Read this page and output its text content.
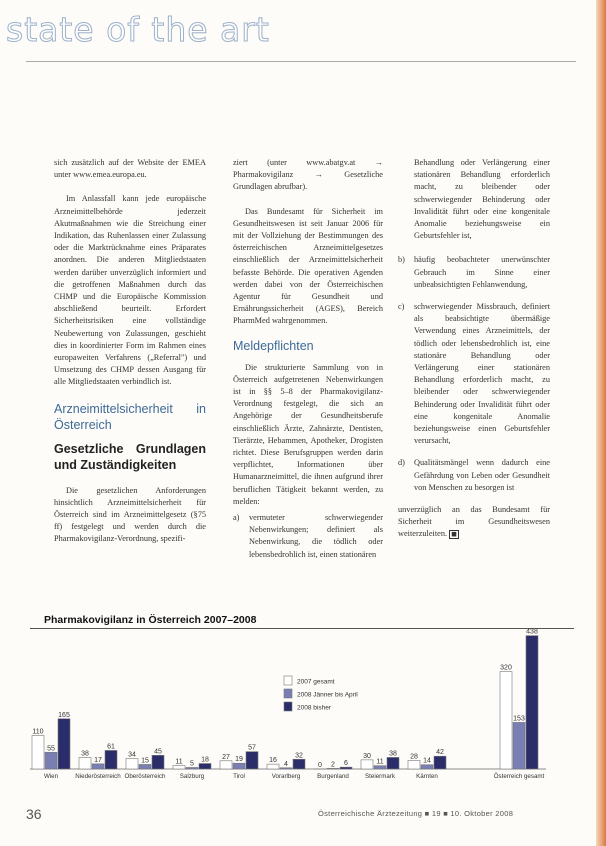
state of the art

sich zusätzlich auf der Website der EMEA unter www.emea.europa.eu.

Im Anlassfall kann jede europäische Arzneimittelbehörde jederzeit Akutmaßnahmen wie die Streichung einer Indikation, das Ruhenlassen einer Zulassung oder die Marktrücknahme eines Präparates anordnen. Die anderen Mitgliedstaaten werden darüber unverzüglich informiert und die getroffenen Maßnahmen durch das CHMP und die Europäische Kommission abschließend beurteilt. Erfordert Sicherheitsrisiken eine vollständige Neubewertung von Zulassungen, geschieht dies in koordinierter Form im Rahmen eines europaweiten Verfahrens („Referral") und Umsetzung des CHMP dessen Ausgang für alle Mitgliedstaaten verbindlich ist.

Arzneimittelsicherheit in Österreich
Gesetzliche Grundlagen und Zuständigkeiten

Die gesetzlichen Anforderungen hinsichtlich Arzneimittelsicherheit für Österreich sind im Arzneimittelgesetz (§75 ff) festgelegt und werden durch die Pharmakovigilanz-Verordnung, spezifi-

ziert (unter www.abatgv.at → Pharmakovigilanz → Gesetzliche Grundlagen abrufbar).

Das Bundesamt für Sicherheit im Gesundheitswesen ist seit Januar 2006 für mit der Vollziehung der Bestimmungen des österreichischen Arzneimittelgesetzes einschließlich der Arzneimittelsicherheit befasste Behörde. Die operativen Agenden werden dabei von der Österreichischen Agentur für Gesundheit und Ernährungssicherheit (AGES), Bereich PharmMed wahrgenommen.

Meldepflichten

Die strukturierte Sammlung von in Österreich aufgetretenen Nebenwirkungen ist in §§ 5–8 der Pharmakovigilanz-Verordnung festgelegt, die sich an Angehörige der Gesundheitsberufe einschließlich Ärzte, Zahnärzte, Dentisten, Tierärzte, Hebammen, Apotheker, Drogisten richtet. Diese Berufsgruppen werden darin verpflichtet, Informationen über Humanarzneimittel, die ihnen aufgrund ihrer beruflichen Tätigkeit bekannt werden, zu melden:

a)	vermuteter schwerwiegender Nebenwirkungen; definiert als Nebenwirkung, die tödlich oder lebensbedrohlich ist, einen stationären
Behandlung oder Verlängerung einer stationären Behandlung erforderlich macht, zu bleibender oder schwerwiegender Behinderung oder Invalidität führt oder eine kongenitale Anomalie beziehungsweise ein Geburtsfehler ist,
b)	häufig beobachteter unerwünschter Gebrauch im Sinne einer unbeabsichtigten Fehlanwendung,
c)	schwerwiegender Missbrauch, definiert als beabsichtigte übermäßige Verwendung eines Arzneimittels, der tödlich oder lebensbedrohlich ist, eine stationäre Behandlung oder Verlängerung einer stationären Behandlung erforderlich macht, zu bleibender oder schwerwiegender Behinderung oder Invalidität führt oder eine kongenitale Anomalie beziehungsweise einen Geburtsfehler verursacht,
d)	Qualitätsmängel wenn dadurch eine Gefährdung von Leben oder Gesundheit von Menschen zu besorgen ist

unverzüglich an das Bundesamt für Sicherheit im Gesundheitswesen weiterzuleiten. ◼

Pharmakovigilanz in Österreich 2007–2008
110
55
165
Wien
38
17
61
Niederösterreich
34
15
45
Oberösterreich
11 5
18
Salzburg
27 19
57
Tirol
16
4
32
Vorarlberg
0 2 6
Burgenland
30
11
38
Steiermark
28
14
42
Kärnten
320
153
438
Österreich gesamt
2007 gesamt
2008 Jänner bis April
2008 bisher
36	Österreichische Ärztezeitung ■ 19 ■ 10. Oktober 2008
